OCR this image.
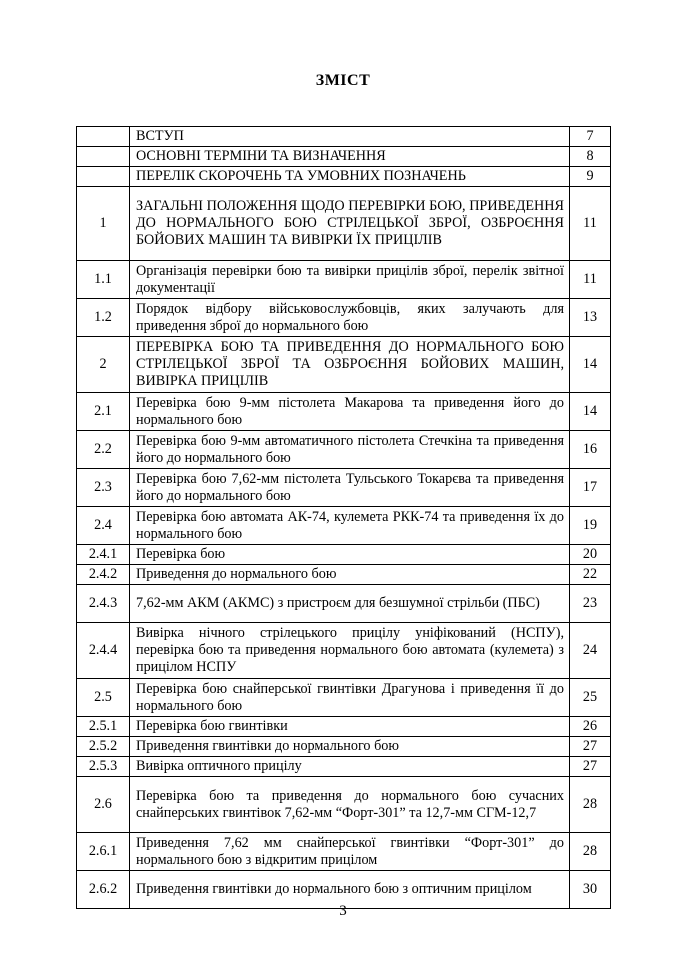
ЗМІСТ
	ВСТУП	7
	ОСНОВНІ ТЕРМІНИ ТА ВИЗНАЧЕННЯ	8
	ПЕРЕЛІК СКОРОЧЕНЬ ТА УМОВНИХ ПОЗНАЧЕНЬ	9
1	ЗАГАЛЬНІ ПОЛОЖЕННЯ ЩОДО ПЕРЕВІРКИ БОЮ, ПРИВЕДЕННЯ ДО НОРМАЛЬНОГО БОЮ СТРІЛЕЦЬКОЇ ЗБРОЇ, ОЗБРОЄННЯ БОЙОВИХ МАШИН ТА ВИВІРКИ ЇХ ПРИЦІЛІВ	11
1.1	Організація перевірки бою та вивірки прицілів зброї, перелік звітної документації	11
1.2	Порядок відбору військовослужбовців, яких залучають для приведення зброї до нормального бою	13
2	ПЕРЕВІРКА БОЮ ТА ПРИВЕДЕННЯ ДО НОРМАЛЬНОГО БОЮ СТРІЛЕЦЬКОЇ ЗБРОЇ ТА ОЗБРОЄННЯ БОЙОВИХ МАШИН, ВИВІРКА ПРИЦІЛІВ	14
2.1	Перевірка бою 9-мм пістолета Макарова та приведення його до нормального бою	14
2.2	Перевірка бою 9-мм автоматичного пістолета Стечкіна та приведення його до нормального бою	16
2.3	Перевірка бою 7,62-мм пістолета Тульського Токарєва та приведення його до нормального бою	17
2.4	Перевірка бою автомата АК-74, кулемета РКК-74 та приведення їх до нормального бою	19
2.4.1	Перевірка бою	20
2.4.2	Приведення до нормального бою	22
2.4.3	7,62-мм АКМ (АКМС) з пристроєм для безшумної стрільби (ПБС)	23
2.4.4	Вивірка нічного стрілецького прицілу уніфікований (НСПУ), перевірка бою та приведення нормального бою автомата (кулемета) з прицілом НСПУ	24
2.5	Перевірка бою снайперської гвинтівки Драгунова і приведення її до нормального бою	25
2.5.1	Перевірка бою гвинтівки	26
2.5.2	Приведення гвинтівки до нормального бою	27
2.5.3	Вивірка оптичного прицілу	27
2.6	Перевірка бою та приведення до нормального бою сучасних снайперських гвинтівок 7,62-мм “Форт-301” та 12,7-мм СГМ-12,7	28
2.6.1	Приведення 7,62 мм снайперської гвинтівки “Форт-301” до нормального бою з відкритим прицілом	28
2.6.2	Приведення гвинтівки до нормального бою з оптичним прицілом	30
3
